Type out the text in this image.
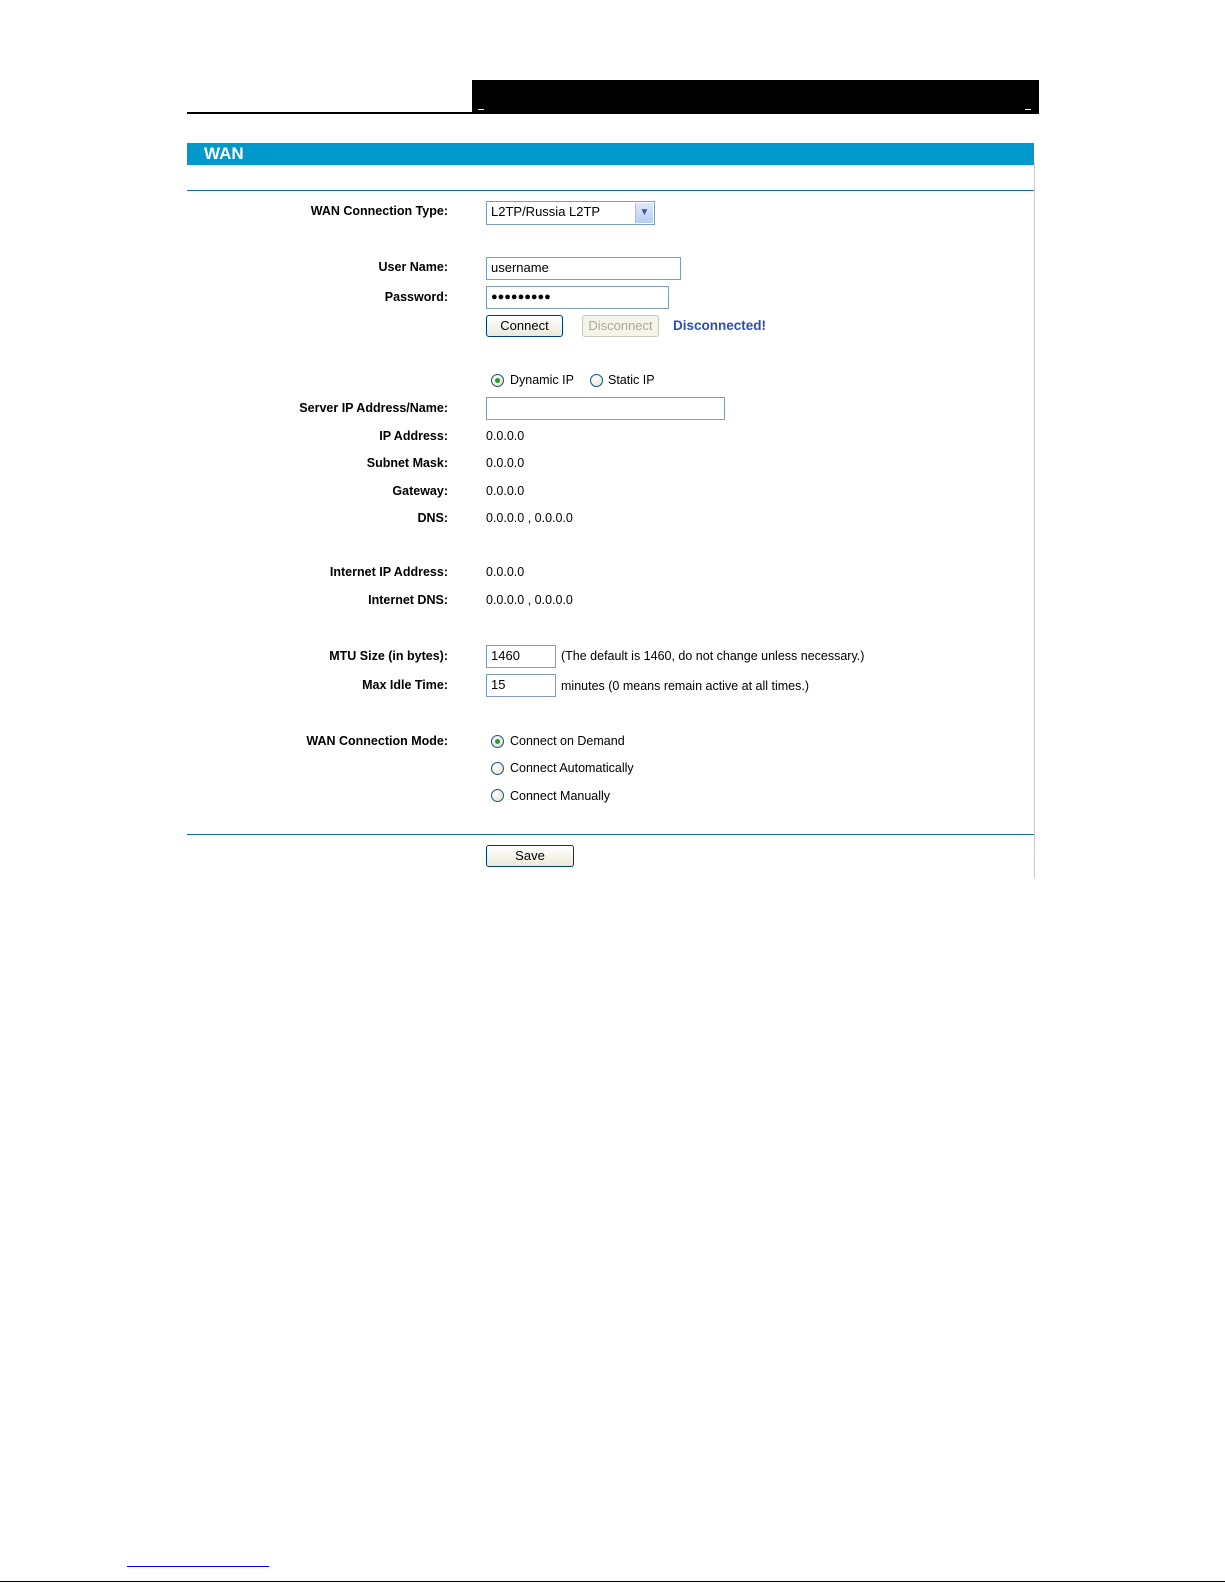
WAN
WAN Connection Type:	L2TP/Russia L2TP	▼
User Name:	username
Password:	●●●●●●●●●
Connect	Disconnect	Disconnected!
Dynamic IP	Static IP
Server IP Address/Name:
IP Address:	0.0.0.0
Subnet Mask:	0.0.0.0
Gateway:	0.0.0.0
DNS:	0.0.0.0 , 0.0.0.0
Internet IP Address:	0.0.0.0
Internet DNS:	0.0.0.0 , 0.0.0.0
MTU Size (in bytes):	1460	(The default is 1460, do not change unless necessary.)
Max Idle Time:	15	minutes (0 means remain active at all times.)
WAN Connection Mode:	Connect on Demand
Connect Automatically
Connect Manually
Save
